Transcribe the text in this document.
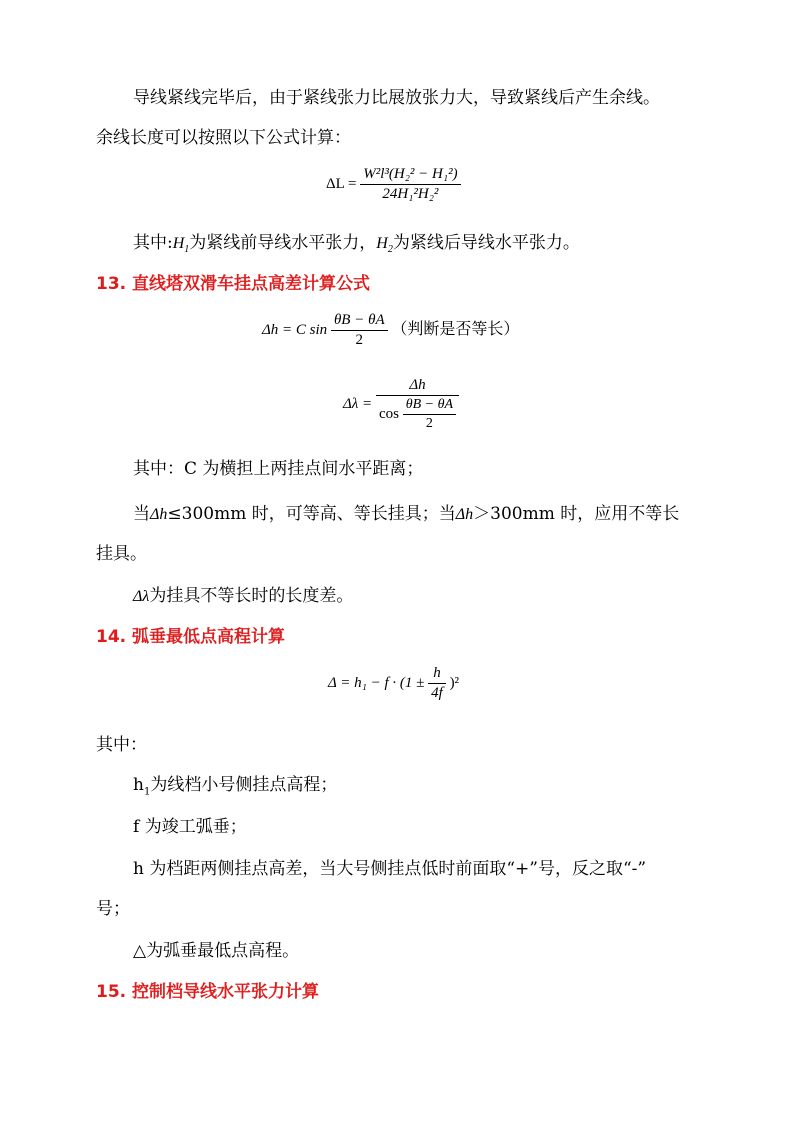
导线紧线完毕后，由于紧线张力比展放张力大，导致紧线后产生余线。
余线长度可以按照以下公式计算：
$\Delta L = \frac{\text{W²l³(H₂² − H₁²)}}{\text{24H₁²H₂²}}$
其中$:H_1$为紧线前导线水平张力，$H_2$为紧线后导线水平张力。
13. 直线塔双滑车挂点高差计算公式
Δh = C $\sin \frac{\theta B - \theta A}{2}$ （判断是否等长）
$\Delta\lambda = \frac{\Delta h}{\cos \frac{\theta B - \theta A}{2}}$
其中：C 为横担上两挂点间水平距离；
当Δh≤300mm 时，可等高、等长挂具；当Δh＞300mm 时，应用不等长
挂具。
Δλ为挂具不等长时的长度差。
14. 弧垂最低点高程计算
$\Delta = h_1 - f \cdot (1 \pm \frac{h}{4f} )^2$
其中：
$h_1$为线档小号侧挂点高程；
f 为竣工弧垂；
h 为档距两侧挂点高差，当大号侧挂点低时前面取“+”号，反之取“-”
号；
△为弧垂最低点高程。
15. 控制档导线水平张力计算
